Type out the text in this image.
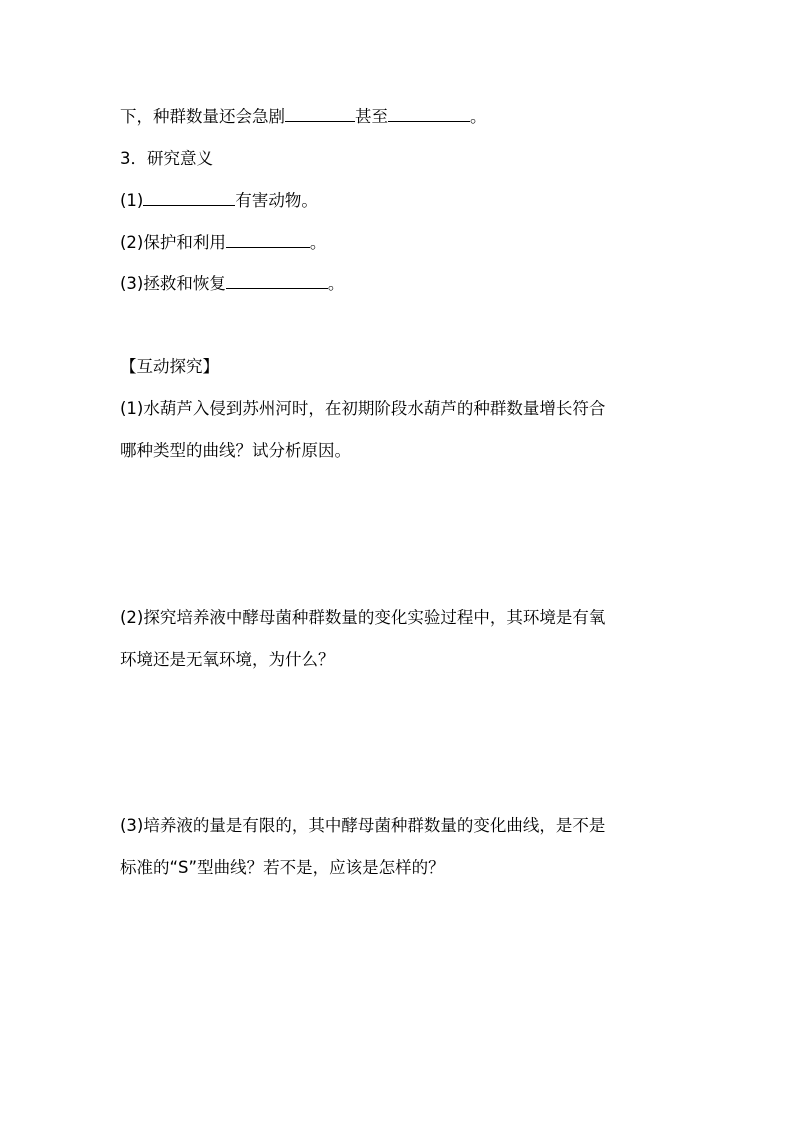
下，种群数量还会急剧	甚至	。
3．研究意义
(1)	有害动物。
(2)保护和利用	。
(3)拯救和恢复	。
【互动探究】
(1)水葫芦入侵到苏州河时，在初期阶段水葫芦的种群数量增长符合
哪种类型的曲线？试分析原因。
(2)探究培养液中酵母菌种群数量的变化实验过程中，其环境是有氧
环境还是无氧环境，为什么？
(3)培养液的量是有限的，其中酵母菌种群数量的变化曲线，是不是
标准的“S”型曲线？若不是，应该是怎样的？
